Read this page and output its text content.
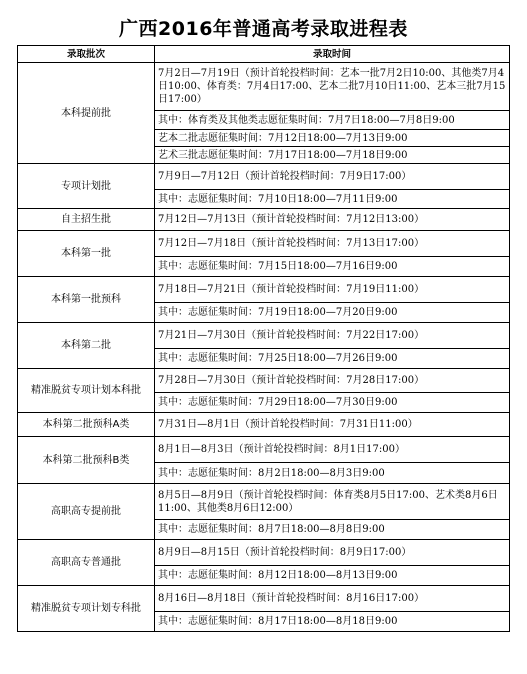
广西2016年普通高考录取进程表
录取批次	录取时间
本科提前批	7月2日—7月19日（预计首轮投档时间：艺本一批7月2日10:00、其他类7月4日10:00、体育类：7月4日17:00、艺本二批7月10日11:00、艺本三批7月15日17:00）
	其中：体育类及其他类志愿征集时间：7月7日18:00—7月8日9:00
	艺本二批志愿征集时间：7月12日18:00—7月13日9:00
	艺术三批志愿征集时间：7月17日18:00—7月18日9:00
专项计划批	7月9日—7月12日（预计首轮投档时间：7月9日17:00）
	其中：志愿征集时间：7月10日18:00—7月11日9:00
自主招生批	7月12日—7月13日（预计首轮投档时间：7月12日13:00）
本科第一批	7月12日—7月18日（预计首轮投档时间：7月13日17:00）
	其中：志愿征集时间：7月15日18:00—7月16日9:00
本科第一批预科	7月18日—7月21日（预计首轮投档时间：7月19日11:00）
	其中：志愿征集时间：7月19日18:00—7月20日9:00
本科第二批	7月21日—7月30日（预计首轮投档时间：7月22日17:00）
	其中：志愿征集时间：7月25日18:00—7月26日9:00
精准脱贫专项计划本科批	7月28日—7月30日（预计首轮投档时间：7月28日17:00）
	其中：志愿征集时间：7月29日18:00—7月30日9:00
本科第二批预科A类	7月31日—8月1日（预计首轮投档时间：7月31日11:00）
本科第二批预科B类	8月1日—8月3日（预计首轮投档时间：8月1日17:00）
	其中：志愿征集时间：8月2日18:00—8月3日9:00
高职高专提前批	8月5日—8月9日（预计首轮投档时间：体育类8月5日17:00、艺术类8月6日11:00、其他类8月6日12:00）
	其中：志愿征集时间：8月7日18:00—8月8日9:00
高职高专普通批	8月9日—8月15日（预计首轮投档时间：8月9日17:00）
	其中：志愿征集时间：8月12日18:00—8月13日9:00
精准脱贫专项计划专科批	8月16日—8月18日（预计首轮投档时间：8月16日17:00）
	其中：志愿征集时间：8月17日18:00—8月18日9:00
